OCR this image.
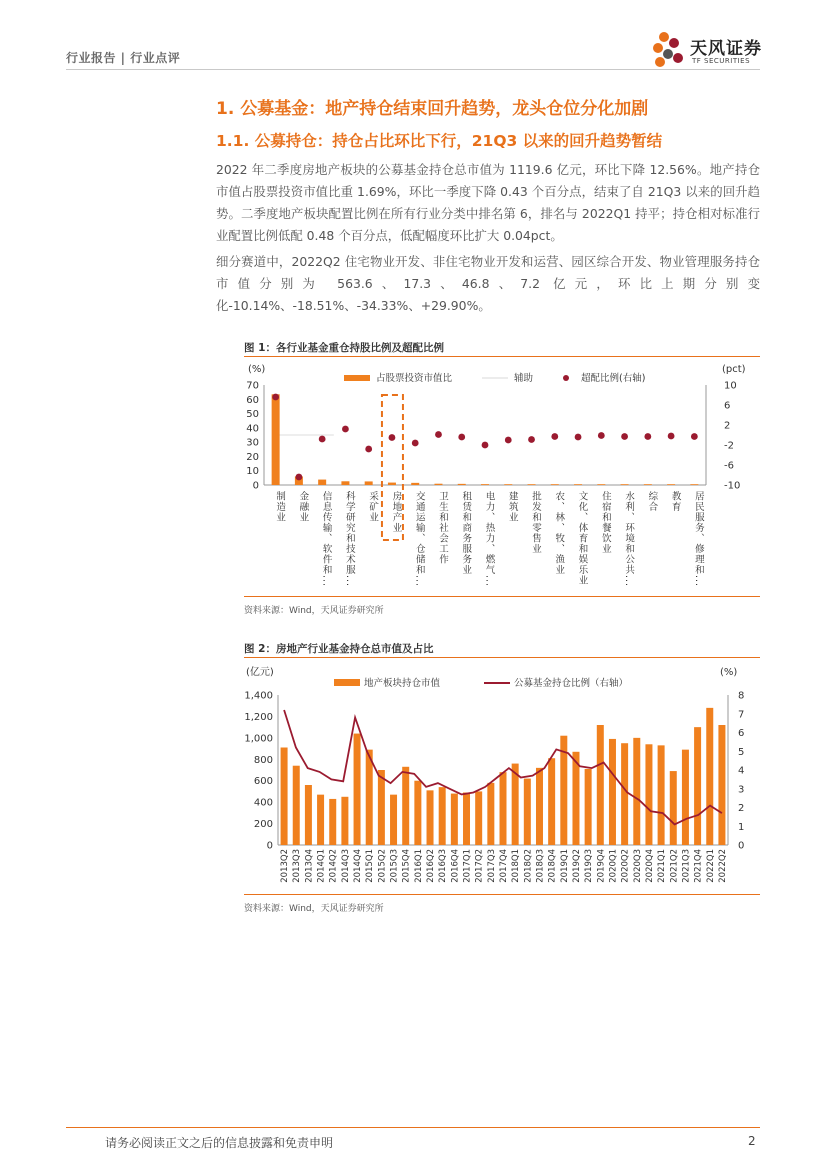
行业报告 | 行业点评	天风证券
TF SECURITIES
1. 公募基金：地产持仓结束回升趋势，龙头仓位分化加剧
1.1. 公募持仓：持仓占比环比下行，21Q3 以来的回升趋势暂结
2022 年二季度房地产板块的公募基金持仓总市值为 1119.6 亿元，环比下降 12.56%。地产持仓市值占股票投资市值比重 1.69%，环比一季度下降 0.43 个百分点，结束了自 21Q3 以来的回升趋势。二季度地产板块配置比例在所有行业分类中排名第 6，排名与 2022Q1 持平；持仓相对标准行业配置比例低配 0.48 个百分点，低配幅度环比扩大 0.04pct。
细分赛道中，2022Q2 住宅物业开发、非住宅物业开发和运营、园区综合开发、物业管理服务持仓市值分别为 563.6、17.3、46.8、7.2 亿元，环比上期分别变化-10.14%、-18.51%、-34.33%、+29.90%。
图 1：各行业基金重仓持股比例及超配比例
(%)	(pct)
0
10
20
30
40
50
60
70
-10
-6
-2
2
6
10
占股票投资市值比	辅助	超配比例(右轴)
制造业 金融业 信息传输、软件和... 科学研究和技术服... 采矿业 房地产业 交通运输、仓储和... 卫生和社会工作 租赁和商务服务业 电力、热力、燃气... 建筑业 批发和零售业 农、林、牧、渔业 文化、体育和娱乐业 住宿和餐饮业 水利、环境和公共... 综合 教育 居民服务、修理和...
资料来源：Wind，天风证券研究所
图 2：房地产行业基金持仓总市值及占比
(亿元)	(%)
0
200
400
600
800
1,000
1,200
1,400
0
1
2
3
4
5
6
7
8
地产板块持仓市值	公募基金持仓比例（右轴）
2013Q2 2013Q3 2013Q4 2014Q1 2014Q2 2014Q3 2014Q4 2015Q1 2015Q2 2015Q3 2015Q4 2016Q1 2016Q2 2016Q3 2016Q4 2017Q1 2017Q2 2017Q3 2017Q4 2018Q1 2018Q2 2018Q3 2018Q4 2019Q1 2019Q2 2019Q3 2019Q4 2020Q1 2020Q2 2020Q3 2020Q4 2021Q1 2021Q2 2021Q3 2021Q4 2022Q1 2022Q2
资料来源：Wind，天风证券研究所
请务必阅读正文之后的信息披露和免责申明	2
